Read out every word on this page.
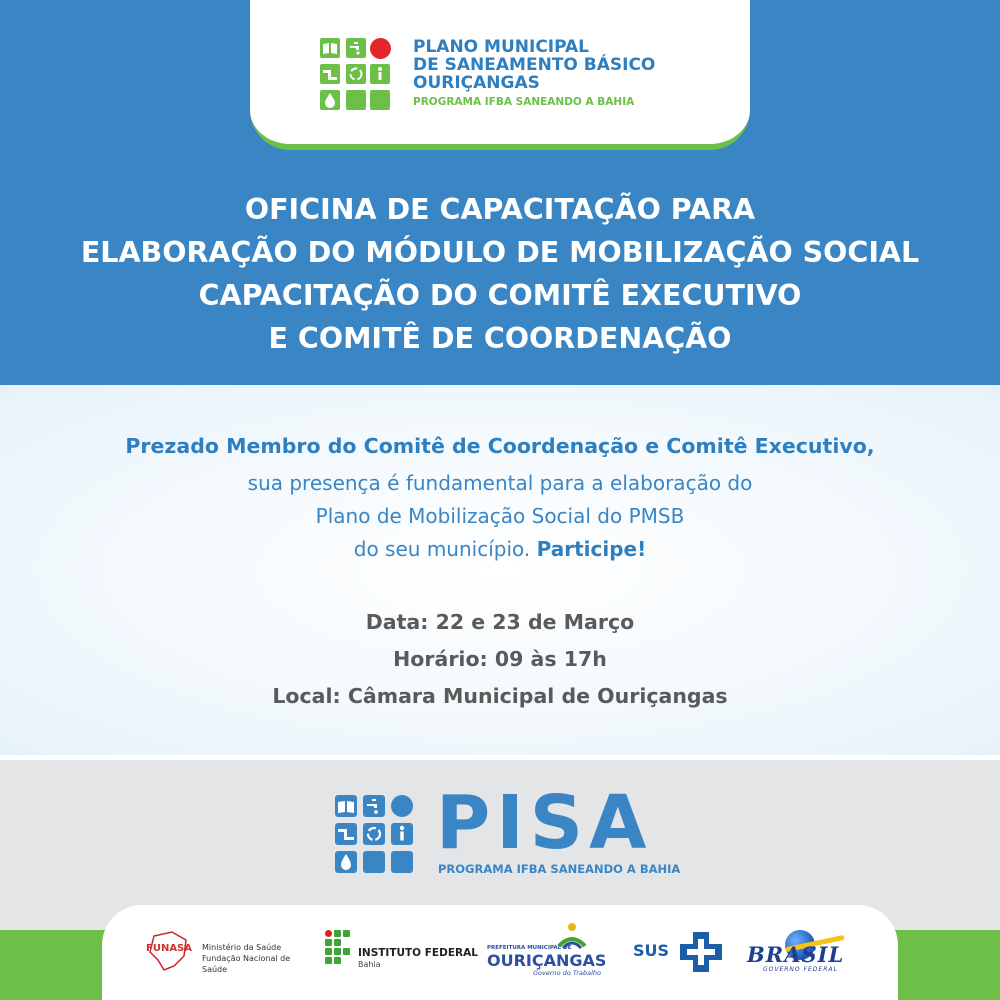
PLANO MUNICIPAL
DE SANEAMENTO BÁSICO
OURIÇANGAS
PROGRAMA IFBA SANEANDO A BAHIA
OFICINA DE CAPACITAÇÃO PARA
ELABORAÇÃO DO MÓDULO DE MOBILIZAÇÃO SOCIAL
CAPACITAÇÃO DO COMITÊ EXECUTIVO
E COMITÊ DE COORDENAÇÃO
Prezado Membro do Comitê de Coordenação e Comitê Executivo,
sua presença é fundamental para a elaboração do
Plano de Mobilização Social do PMSB
do seu município. Participe!
Data: 22 e 23 de Março
Horário: 09 às 17h
Local: Câmara Municipal de Ouriçangas
PISA
PROGRAMA IFBA SANEANDO A BAHIA
FUNASA Ministério da Saúde
Fundação Nacional de Saúde
INSTITUTO FEDERAL
Bahia
PREFEITURA MUNICIPAL DE
OURIÇANGAS
Governo do Trabalho
SUS	BRASIL
GOVERNO FEDERAL
